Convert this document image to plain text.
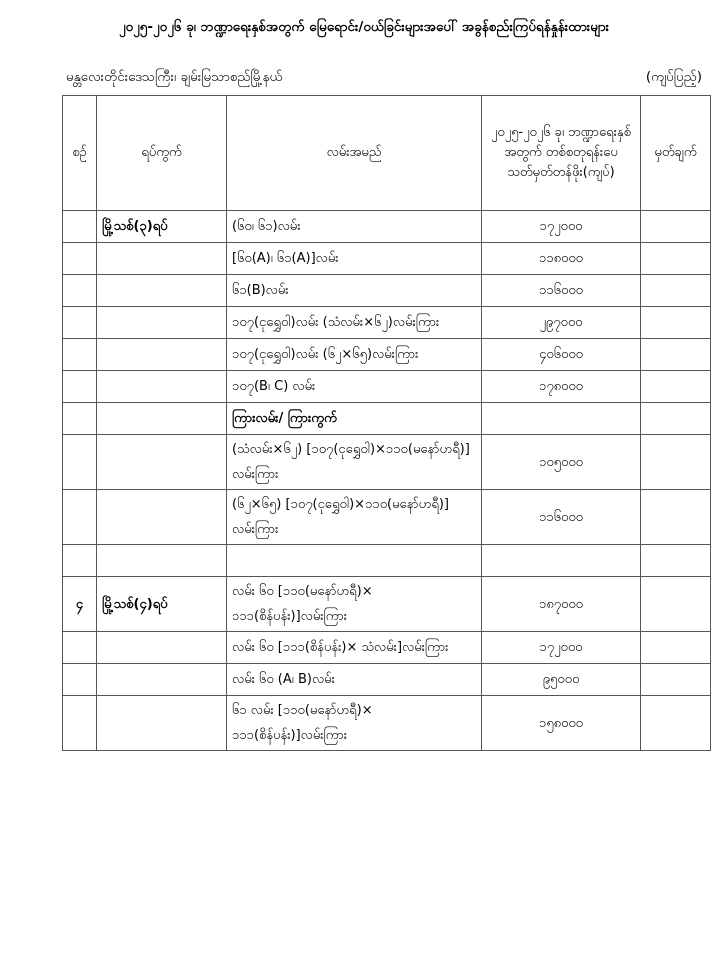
၂၀၂၅-၂၀၂၆ ခု၊ ဘဏ္ဍာရေးနှစ်အတွက် မြေရောင်း/ဝယ်ခြင်းများအပေါ် အခွန်စည်းကြပ်ရန်နှုန်းထားများ
မန္တလေးတိုင်းဒေသကြီး၊ ချမ်းမြသာစည်မြို့နယ်	(ကျပ်ပြည့်)
စဉ်	ရပ်ကွက်	လမ်းအမည်	၂၀၂၅-၂၀၂၆ ခု၊ ဘဏ္ဍာရေးနှစ်အတွက် တစ်စတုရန်းပေ သတ်မှတ်တန်ဖိုး(ကျပ်)	မှတ်ချက်
	မြို့သစ်(၃)ရပ်	(၆၀၊ ၆၁)လမ်း	၁၇၂၀၀၀	
		[၆၀(A)၊ ၆၁(A)]လမ်း	၁၁၈၀၀၀	
		၆၁(B)လမ်း	၁၁၆၀၀၀	
		၁၀၇(ငုရွှေဝါ)လမ်း (သံလမ်း×၆၂)လမ်းကြား	၂၉၇၀၀၀	
		၁၀၇(ငုရွှေဝါ)လမ်း (၆၂×၆၅)လမ်းကြား	၄၀၆၀၀၀	
		၁၀၇(B၊ C) လမ်း	၁၇၈၀၀၀	
		ကြားလမ်း/ ကြားကွက်		
		(သံလမ်း×၆၂) [၁၀၇(ငုရွှေဝါ)×၁၁၀(မနော်ဟရီ)] လမ်းကြား	၁၀၅၀၀၀	
		(၆၂×၆၅) [၁၀၇(ငုရွှေဝါ)×၁၁၀(မနော်ဟရီ)] လမ်းကြား	၁၁၆၀၀၀	

၄	မြို့သစ်(၄)ရပ်	လမ်း ၆၀ [၁၁၀(မနော်ဟရီ)× ၁၁၁(စိန်ပန်း)]လမ်းကြား	၁၈၇၀၀၀	
		လမ်း ၆၀ [၁၁၁(စိန်ပန်း)× သံလမ်း]လမ်းကြား	၁၇၂၀၀၀	
		လမ်း ၆၀ (A၊ B)လမ်း	၉၅၀၀၀	
		၆၁ လမ်း [၁၁၀(မနော်ဟရီ)× ၁၁၁(စိန်ပန်း)]လမ်းကြား	၁၅၈၀၀၀	
